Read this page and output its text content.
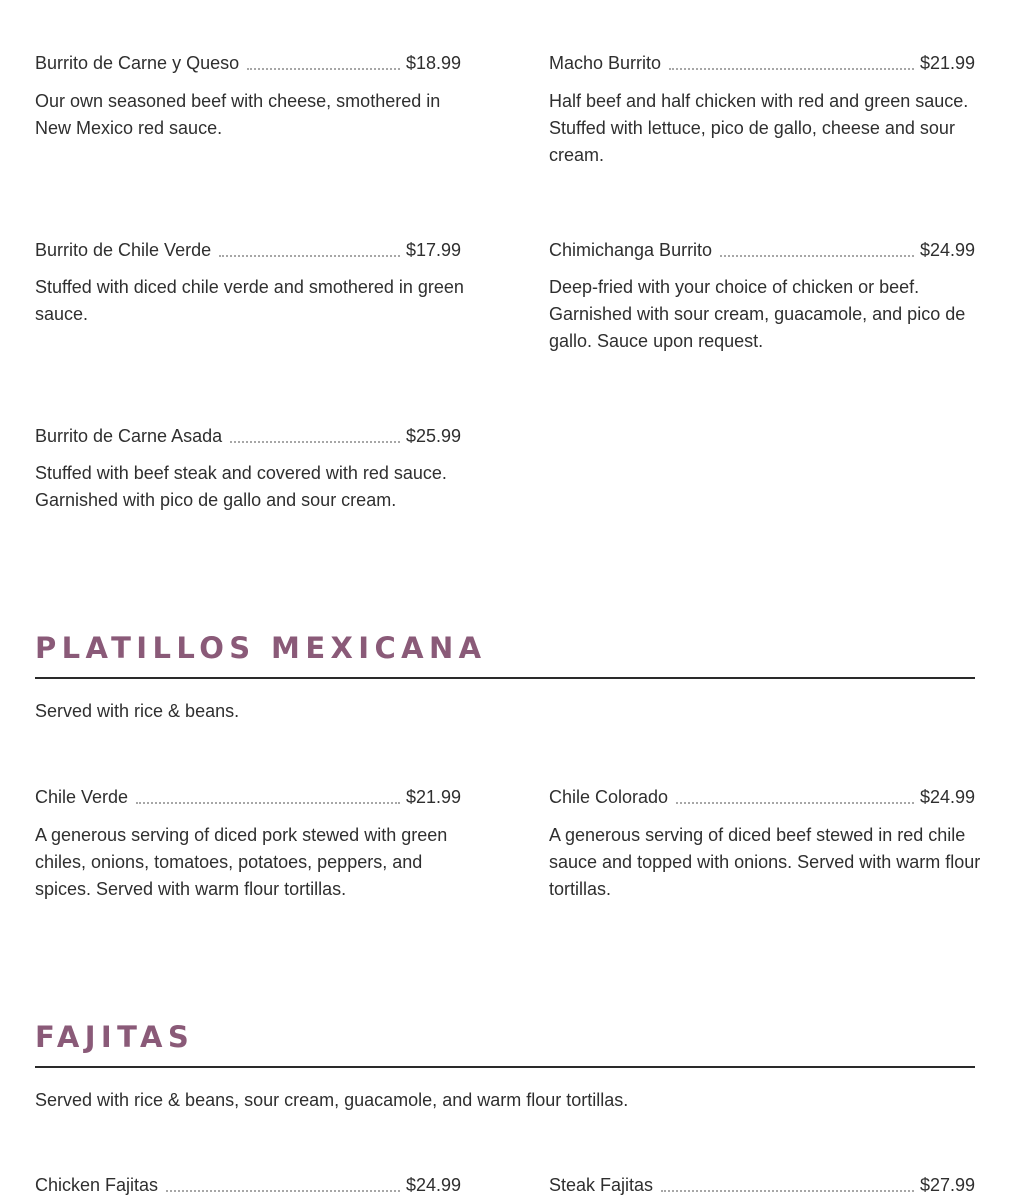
Burrito de Carne y Queso	$18.99
Our own seasoned beef with cheese, smothered in New Mexico red sauce.
Macho Burrito	$21.99
Half beef and half chicken with red and green sauce. Stuffed with lettuce, pico de gallo, cheese and sour cream.
Burrito de Chile Verde	$17.99
Stuffed with diced chile verde and smothered in green sauce.
Chimichanga Burrito	$24.99
Deep-fried with your choice of chicken or beef. Garnished with sour cream, guacamole, and pico de gallo. Sauce upon request.
Burrito de Carne Asada	$25.99
Stuffed with beef steak and covered with red sauce. Garnished with pico de gallo and sour cream.
PLATILLOS MEXICANA
Served with rice & beans.
Chile Verde	$21.99
A generous serving of diced pork stewed with green chiles, onions, tomatoes, potatoes, peppers, and spices. Served with warm flour tortillas.
Chile Colorado	$24.99
A generous serving of diced beef stewed in red chile sauce and topped with onions. Served with warm flour tortillas.
FAJITAS
Served with rice & beans, sour cream, guacamole, and warm flour tortillas.
Chicken Fajitas	$24.99	Steak Fajitas	$27.99
